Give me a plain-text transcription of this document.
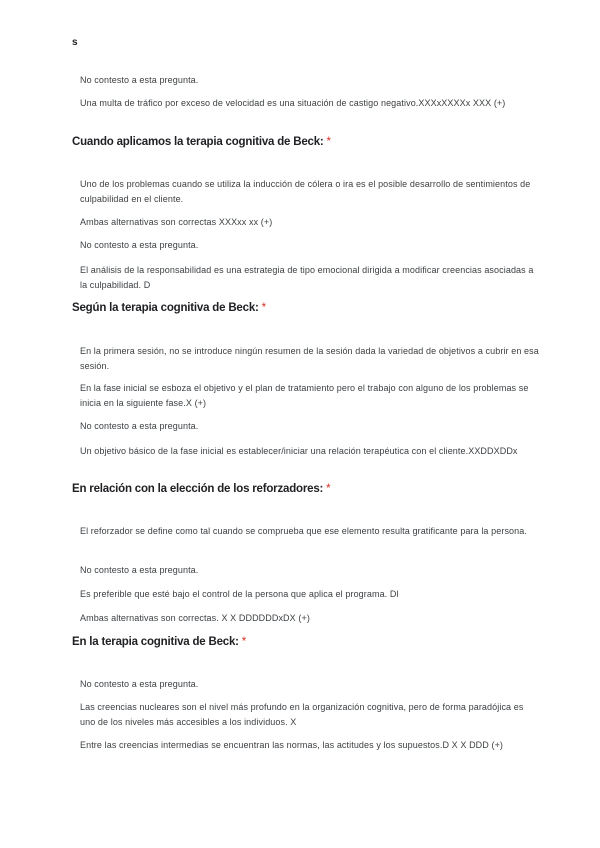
s
No contesto a esta pregunta.
Una multa de tráfico por exceso de velocidad es una situación de castigo negativo.XXXxXXXXx XXX (+)
Cuando aplicamos la terapia cognitiva de Beck: *
Uno de los problemas cuando se utiliza la inducción de cólera o ira es el posible desarrollo de sentimientos de culpabilidad en el cliente.
Ambas alternativas son correctas XXXxx xx (+)
No contesto a esta pregunta.
El análisis de la responsabilidad es una estrategia de tipo emocional dirigida a modificar creencias asociadas a la culpabilidad. D
Según la terapia cognitiva de Beck: *
En la primera sesión, no se introduce ningún resumen de la sesión dada la variedad de objetivos a cubrir en esa sesión.
En la fase inicial se esboza el objetivo y el plan de tratamiento pero el trabajo con alguno de los problemas se inicia en la siguiente fase.X (+)
No contesto a esta pregunta.
Un objetivo básico de la fase inicial es establecer/iniciar una relación terapéutica con el cliente.XXDDXDDx
En relación con la elección de los reforzadores: *
El reforzador se define como tal cuando se comprueba que ese elemento resulta gratificante para la persona.
No contesto a esta pregunta.
Es preferible que esté bajo el control de la persona que aplica el programa. Dl
Ambas alternativas son correctas. X X DDDDDDxDX (+)
En la terapia cognitiva de Beck: *
No contesto a esta pregunta.
Las creencias nucleares son el nivel más profundo en la organización cognitiva, pero de forma paradójica es uno de los niveles más accesibles a los individuos. X
Entre las creencias intermedias se encuentran las normas, las actitudes y los supuestos.D X X DDD (+)
